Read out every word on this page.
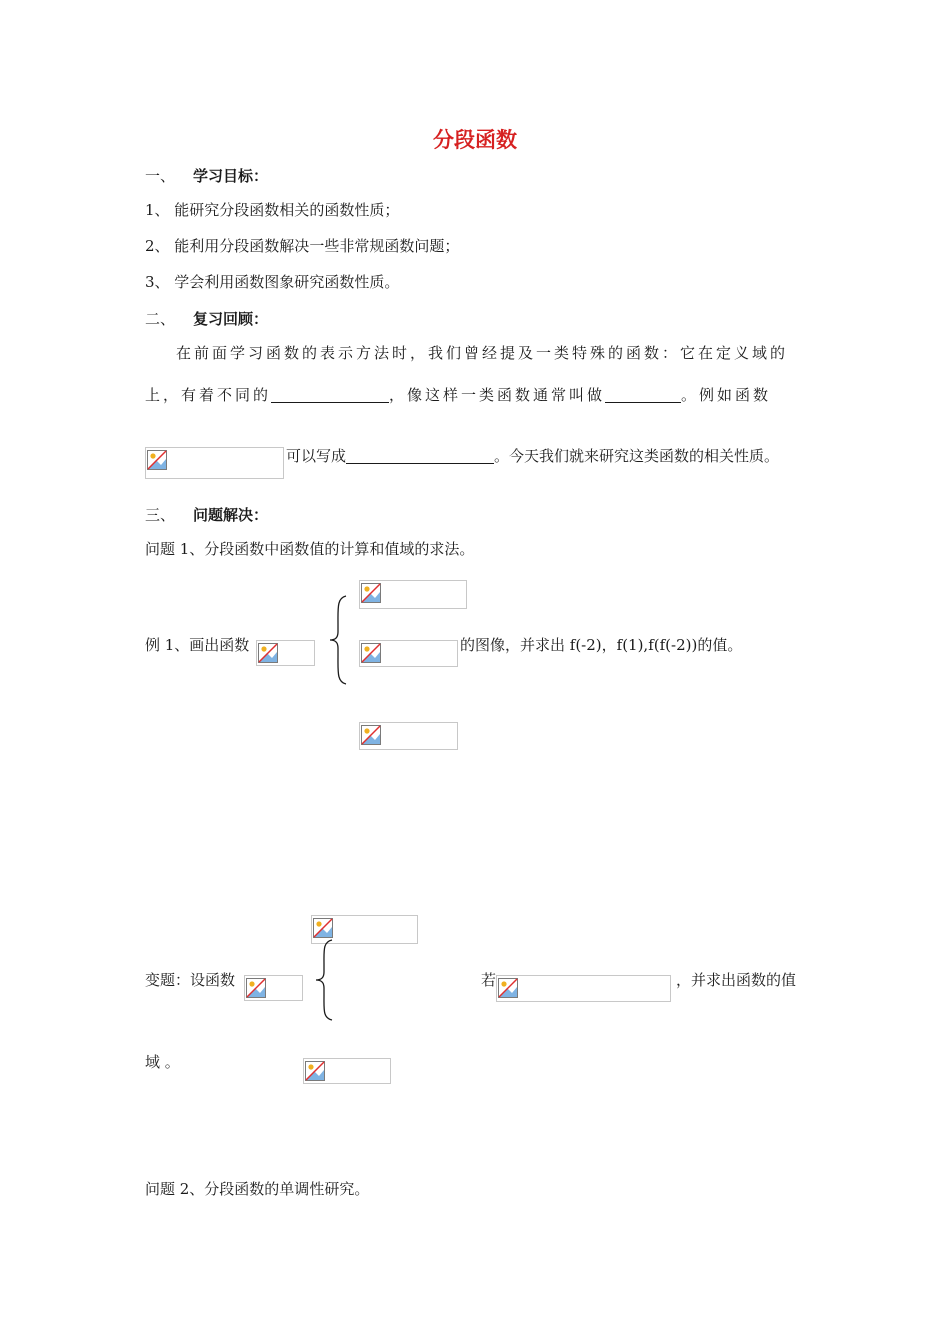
分段函数
一、 学习目标：
1、 能研究分段函数相关的函数性质；
2、 能利用分段函数解决一些非常规函数问题；
3、 学会利用函数图象研究函数性质。
二、 复习回顾：
在前面学习函数的表示方法时，我们曾经提及一类特殊的函数：它在定义域的
上，有着不同的	，像这样一类函数通常叫做	。例如函数
可以写成	。今天我们就来研究这类函数的相关性质。
三、 问题解决：
问题 1、分段函数中函数值的计算和值域的求法。
例 1、画出函数	的图像，并求出 f(-2)，f(1),f(f(-2))的值。
变题：设函数	若	，并求出函数的值
域 。
问题 2、分段函数的单调性研究。
